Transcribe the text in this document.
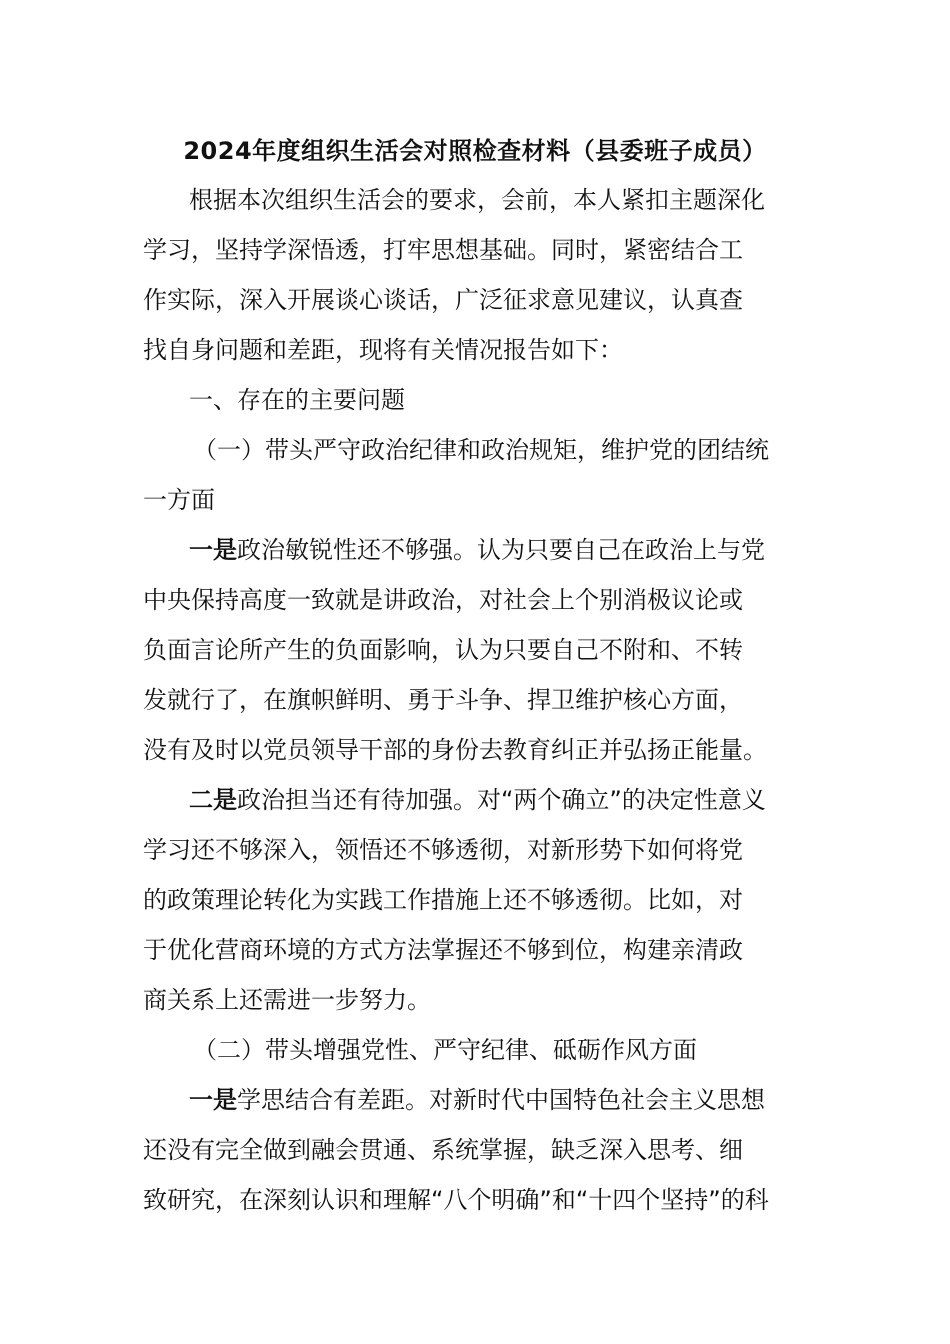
2024年度组织生活会对照检查材料（县委班子成员）
根据本次组织生活会的要求，会前，本人紧扣主题深化
学习，坚持学深悟透，打牢思想基础。同时，紧密结合工
作实际，深入开展谈心谈话，广泛征求意见建议，认真查
找自身问题和差距，现将有关情况报告如下：
一、存在的主要问题
（一）带头严守政治纪律和政治规矩，维护党的团结统
一方面
一是政治敏锐性还不够强。认为只要自己在政治上与党
中央保持高度一致就是讲政治，对社会上个别消极议论或
负面言论所产生的负面影响，认为只要自己不附和、不转
发就行了，在旗帜鲜明、勇于斗争、捍卫维护核心方面，
没有及时以党员领导干部的身份去教育纠正并弘扬正能量。
二是政治担当还有待加强。对“两个确立”的决定性意义
学习还不够深入，领悟还不够透彻，对新形势下如何将党
的政策理论转化为实践工作措施上还不够透彻。比如，对
于优化营商环境的方式方法掌握还不够到位，构建亲清政
商关系上还需进一步努力。
（二）带头增强党性、严守纪律、砥砺作风方面
一是学思结合有差距。对新时代中国特色社会主义思想
还没有完全做到融会贯通、系统掌握，缺乏深入思考、细
致研究，在深刻认识和理解“八个明确”和“十四个坚持”的科
